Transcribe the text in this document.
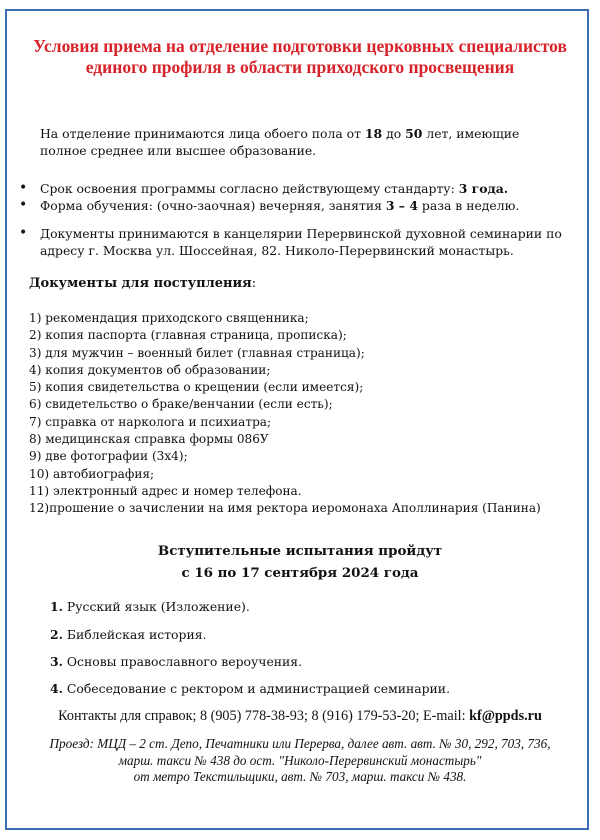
Условия приема на отделение подготовки церковных специалистов единого профиля в области приходского просвещения
На отделение принимаются лица обоего пола от 18 до 50 лет, имеющие полное среднее или высшее образование.
• Срок освоения программы согласно действующему стандарту: 3 года.
• Форма обучения: (очно-заочная) вечерняя, занятия 3 – 4 раза в неделю.
• Документы принимаются в канцелярии Перервинской духовной семинарии по адресу г. Москва ул. Шоссейная, 82. Николо-Перервинский монастырь.
Документы для поступления:
1) рекомендация приходского священника;
2) копия паспорта (главная страница, прописка);
3) для мужчин – военный билет (главная страница);
4) копия документов об образовании;
5) копия свидетельства о крещении (если имеется);
6) свидетельство о браке/венчании (если есть);
7) справка от нарколога и психиатра;
8) медицинская справка формы 086У
9) две фотографии (3х4);
10) автобиография;
11) электронный адрес и номер телефона.
12)прошение о зачислении на имя ректора иеромонаха Аполлинария (Панина)
Вступительные испытания пройдут
с 16 по 17 сентября 2024 года
1. Русский язык (Изложение).
2. Библейская история.
3. Основы православного вероучения.
4. Собеседование с ректором и администрацией семинарии.
Контакты для справок; 8 (905) 778-38-93; 8 (916) 179-53-20; E-mail: kf@ppds.ru
Проезд: МЦД – 2 ст. Депо, Печатники или Перерва, далее авт. авт. № 30, 292, 703, 736,
марш. такси № 438 до ост. "Николо-Перервинский монастырь"
от метро Текстильщики, авт. № 703, марш. такси № 438.
